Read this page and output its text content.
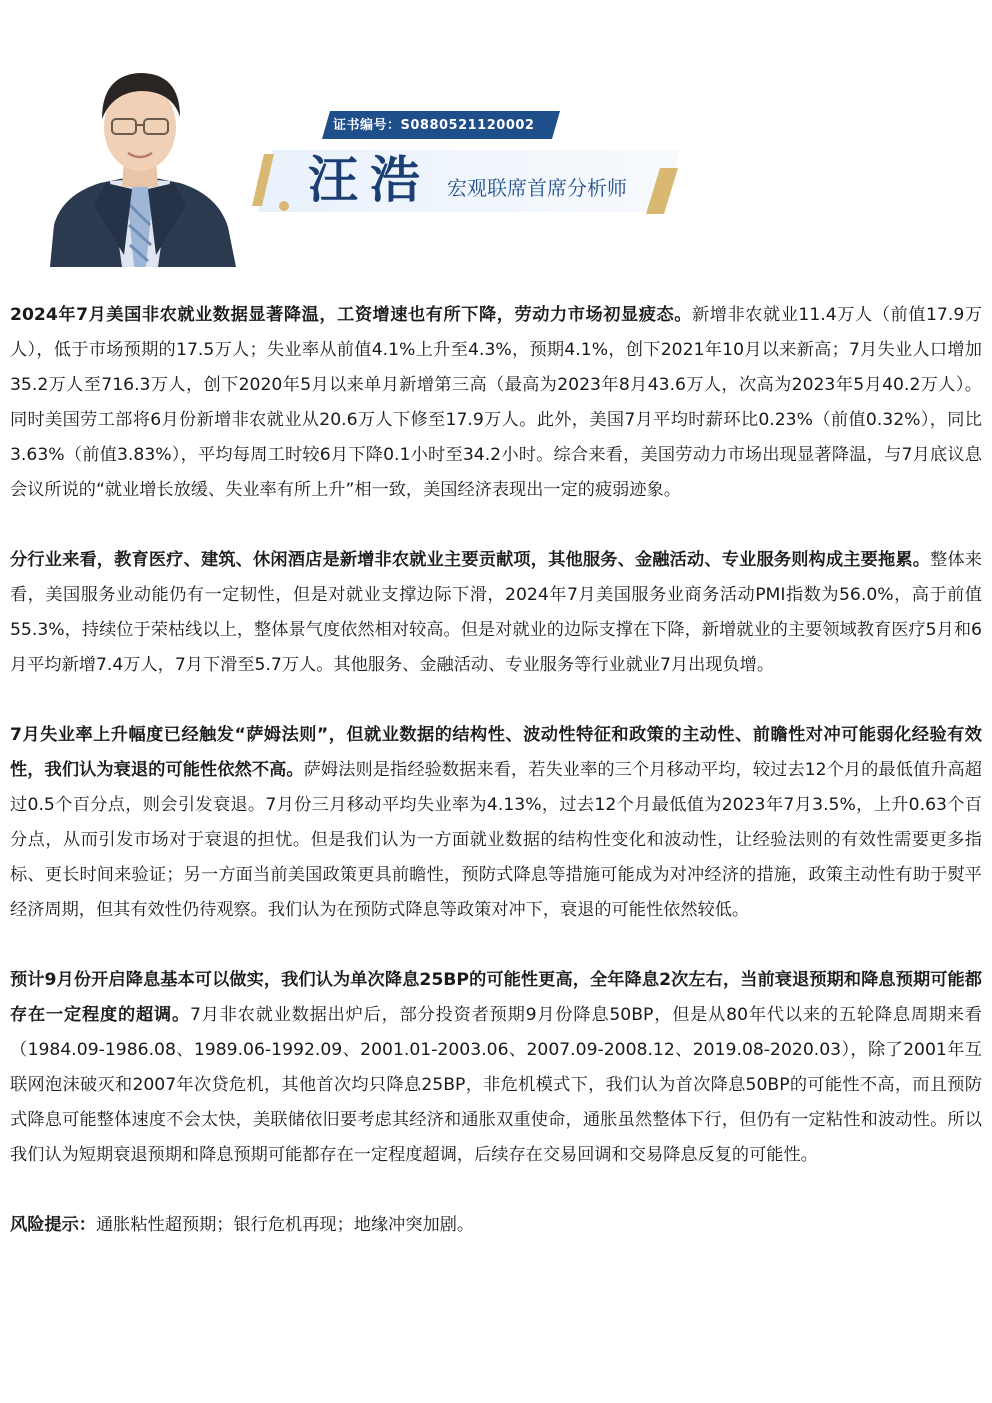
证书编号：S0880521120002
汪浩 宏观联席首席分析师

2024年7月美国非农就业数据显著降温，工资增速也有所下降，劳动力市场初显疲态。新增非农就业11.4万人（前值17.9万人），低于市场预期的17.5万人；失业率从前值4.1%上升至4.3%，预期4.1%，创下2021年10月以来新高；7月失业人口增加35.2万人至716.3万人，创下2020年5月以来单月新增第三高（最高为2023年8月43.6万人，次高为2023年5月40.2万人）。同时美国劳工部将6月份新增非农就业从20.6万人下修至17.9万人。此外，美国7月平均时薪环比0.23%（前值0.32%），同比3.63%（前值3.83%），平均每周工时较6月下降0.1小时至34.2小时。综合来看，美国劳动力市场出现显著降温，与7月底议息会议所说的“就业增长放缓、失业率有所上升”相一致，美国经济表现出一定的疲弱迹象。

分行业来看，教育医疗、建筑、休闲酒店是新增非农就业主要贡献项，其他服务、金融活动、专业服务则构成主要拖累。整体来看，美国服务业动能仍有一定韧性，但是对就业支撑边际下滑，2024年7月美国服务业商务活动PMI指数为56.0%，高于前值55.3%，持续位于荣枯线以上，整体景气度依然相对较高。但是对就业的边际支撑在下降，新增就业的主要领域教育医疗5月和6月平均新增7.4万人，7月下滑至5.7万人。其他服务、金融活动、专业服务等行业就业7月出现负增。

7月失业率上升幅度已经触发“萨姆法则”，但就业数据的结构性、波动性特征和政策的主动性、前瞻性对冲可能弱化经验有效性，我们认为衰退的可能性依然不高。萨姆法则是指经验数据来看，若失业率的三个月移动平均，较过去12个月的最低值升高超过0.5个百分点，则会引发衰退。7月份三月移动平均失业率为4.13%，过去12个月最低值为2023年7月3.5%，上升0.63个百分点，从而引发市场对于衰退的担忧。但是我们认为一方面就业数据的结构性变化和波动性，让经验法则的有效性需要更多指标、更长时间来验证；另一方面当前美国政策更具前瞻性，预防式降息等措施可能成为对冲经济的措施，政策主动性有助于熨平经济周期，但其有效性仍待观察。我们认为在预防式降息等政策对冲下，衰退的可能性依然较低。

预计9月份开启降息基本可以做实，我们认为单次降息25BP的可能性更高，全年降息2次左右，当前衰退预期和降息预期可能都存在一定程度的超调。7月非农就业数据出炉后，部分投资者预期9月份降息50BP，但是从80年代以来的五轮降息周期来看（1984.09-1986.08、1989.06-1992.09、2001.01-2003.06、2007.09-2008.12、2019.08-2020.03），除了2001年互联网泡沫破灭和2007年次贷危机，其他首次均只降息25BP，非危机模式下，我们认为首次降息50BP的可能性不高，而且预防式降息可能整体速度不会太快，美联储依旧要考虑其经济和通胀双重使命，通胀虽然整体下行，但仍有一定粘性和波动性。所以我们认为短期衰退预期和降息预期可能都存在一定程度超调，后续存在交易回调和交易降息反复的可能性。

风险提示：通胀粘性超预期；银行危机再现；地缘冲突加剧。
